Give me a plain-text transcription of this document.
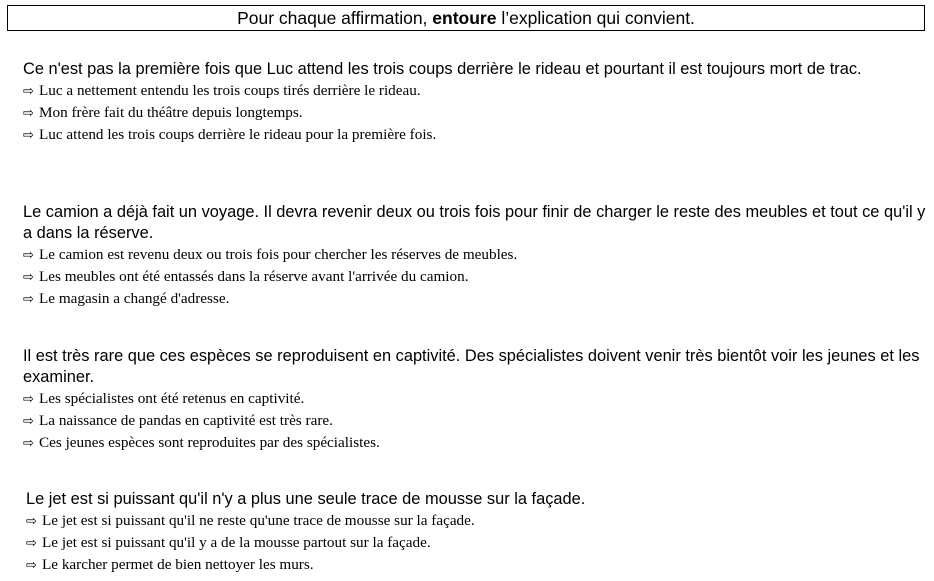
Pour chaque affirmation, entoure l’explication qui convient.

Ce n'est pas la première fois que Luc attend les trois coups derrière le rideau et pourtant il est toujours mort de trac.

⇨ Luc a nettement entendu les trois coups tirés derrière le rideau.

⇨ Mon frère fait du théâtre depuis longtemps.

⇨ Luc attend les trois coups derrière le rideau pour la première fois.

Le camion a déjà fait un voyage. Il devra revenir deux ou trois fois pour finir de charger le reste des meubles et tout ce qu'il y a dans la réserve.

⇨ Le camion est revenu deux ou trois fois pour chercher les réserves de meubles.

⇨ Les meubles ont été entassés dans la réserve avant l'arrivée du camion.

⇨ Le magasin a changé d'adresse.

Il est très rare que ces espèces se reproduisent en captivité. Des spécialistes doivent venir très bientôt voir les jeunes et les examiner.

⇨ Les spécialistes ont été retenus en captivité.

⇨ La naissance de pandas en captivité est très rare.

⇨ Ces jeunes espèces sont reproduites par des spécialistes.

Le jet est si puissant qu'il n'y a plus une seule trace de mousse sur la façade.

⇨ Le jet est si puissant qu'il ne reste qu'une trace de mousse sur la façade.

⇨ Le jet est si puissant qu'il y a de la mousse partout sur la façade.

⇨ Le karcher permet de bien nettoyer les murs.
